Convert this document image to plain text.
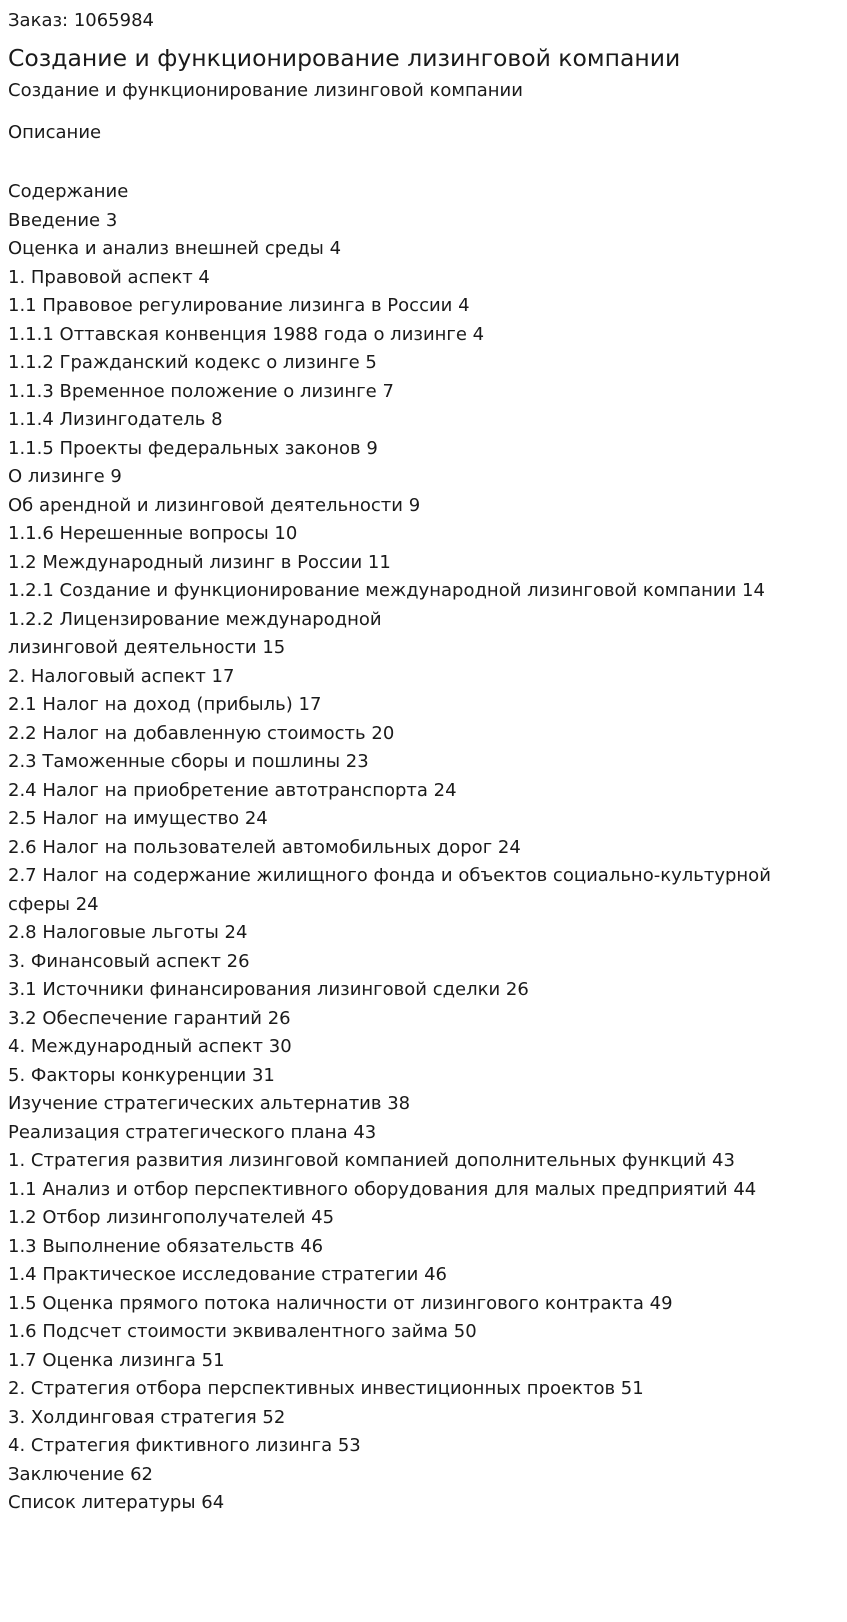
Заказ: 1065984
Создание и функционирование лизинговой компании
Создание и функционирование лизинговой компании
Описание
Содержание
Введение 3
Оценка и анализ внешней среды 4
1. Правовой аспект 4
1.1 Правовое регулирование лизинга в России 4
1.1.1 Оттавская конвенция 1988 года о лизинге 4
1.1.2 Гражданский кодекс о лизинге 5
1.1.3 Временное положение о лизинге 7
1.1.4 Лизингодатель 8
1.1.5 Проекты федеральных законов 9
О лизинге 9
Об арендной и лизинговой деятельности 9
1.1.6 Нерешенные вопросы 10
1.2 Международный лизинг в России 11
1.2.1 Создание и функционирование международной лизинговой компании 14
1.2.2 Лицензирование международной
лизинговой деятельности 15
2. Налоговый аспект 17
2.1 Налог на доход (прибыль) 17
2.2 Налог на добавленную стоимость 20
2.3 Таможенные сборы и пошлины 23
2.4 Налог на приобретение автотранспорта 24
2.5 Налог на имущество 24
2.6 Налог на пользователей автомобильных дорог 24
2.7 Налог на содержание жилищного фонда и объектов социально-культурной
сферы 24
2.8 Налоговые льготы 24
3. Финансовый аспект 26
3.1 Источники финансирования лизинговой сделки 26
3.2 Обеспечение гарантий 26
4. Международный аспект 30
5. Факторы конкуренции 31
Изучение стратегических альтернатив 38
Реализация стратегического плана 43
1. Стратегия развития лизинговой компанией дополнительных функций 43
1.1 Анализ и отбор перспективного оборудования для малых предприятий 44
1.2 Отбор лизингополучателей 45
1.3 Выполнение обязательств 46
1.4 Практическое исследование стратегии 46
1.5 Оценка прямого потока наличности от лизингового контракта 49
1.6 Подсчет стоимости эквивалентного займа 50
1.7 Оценка лизинга 51
2. Стратегия отбора перспективных инвестиционных проектов 51
3. Холдинговая стратегия 52
4. Стратегия фиктивного лизинга 53
Заключение 62
Список литературы 64
